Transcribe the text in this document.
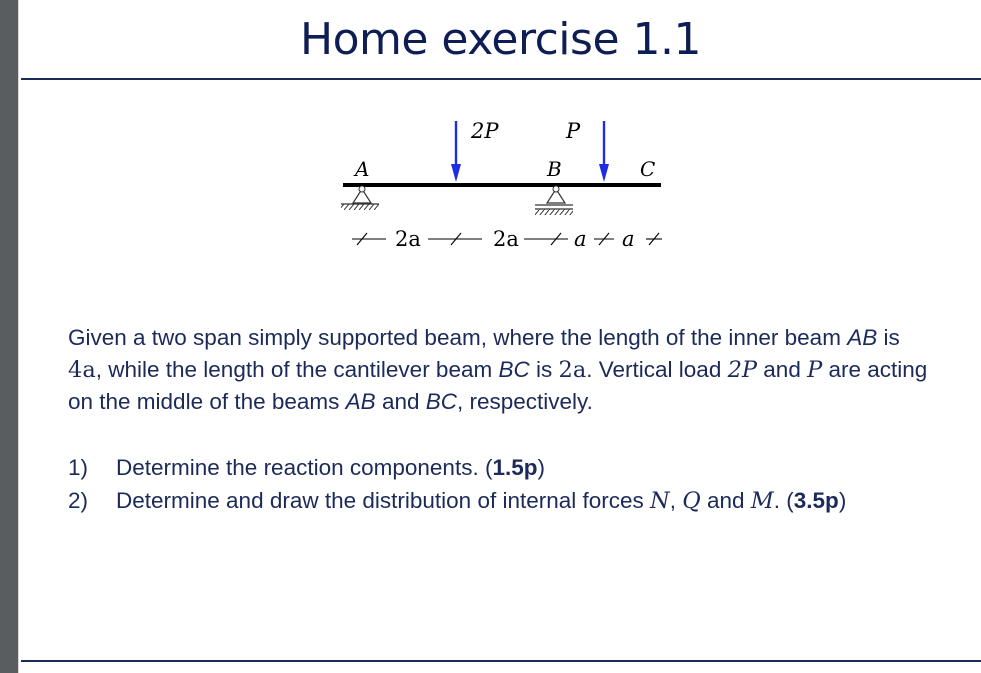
Home exercise 1.1
2P	P
A	B	C
2a	2a	a a
Given a two span simply supported beam, where the length of the inner beam AB is 4a, while the length of the cantilever beam BC is 2a. Vertical load 2P and P are acting on the middle of the beams AB and BC, respectively.
1)	Determine the reaction components. (1.5p)
2)	Determine and draw the distribution of internal forces N, Q and M. (3.5p)
